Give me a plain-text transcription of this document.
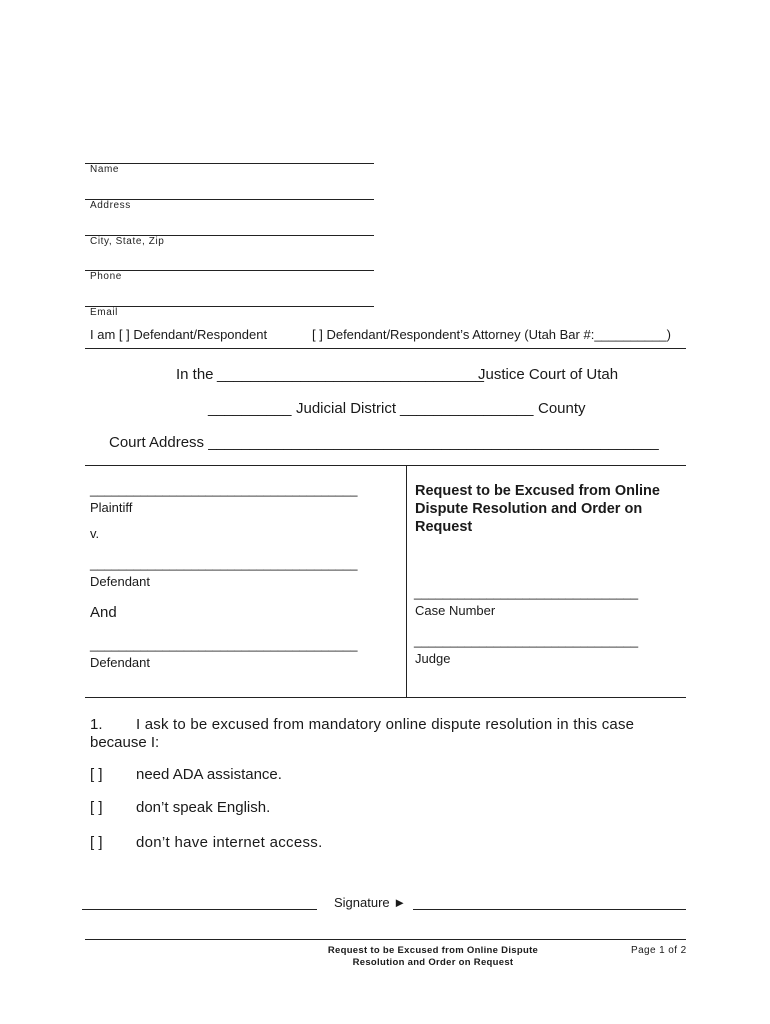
Name
Address
City, State, Zip
Phone
Email
I am [ ] Defendant/Respondent	[ ] Defendant/Respondent’s Attorney (Utah Bar #:__________)
In the ________________________________
Justice Court of Utah
__________ Judicial District ________________ County
Court Address ______________________________________________________
_____________________________________
Plaintiff
v.
_____________________________________
Defendant
And
_____________________________________
Defendant
Request to be Excused from Online Dispute Resolution and Order on Request
_______________________________
Case Number
_______________________________
Judge
1. I ask to be excused from mandatory online dispute resolution in this case
because I:
[ ] need ADA assistance.
[ ] don’t speak English.
[ ] don’t have internet access.
Signature ►
Request to be Excused from Online Dispute
Resolution and Order on Request
Page 1 of 2
